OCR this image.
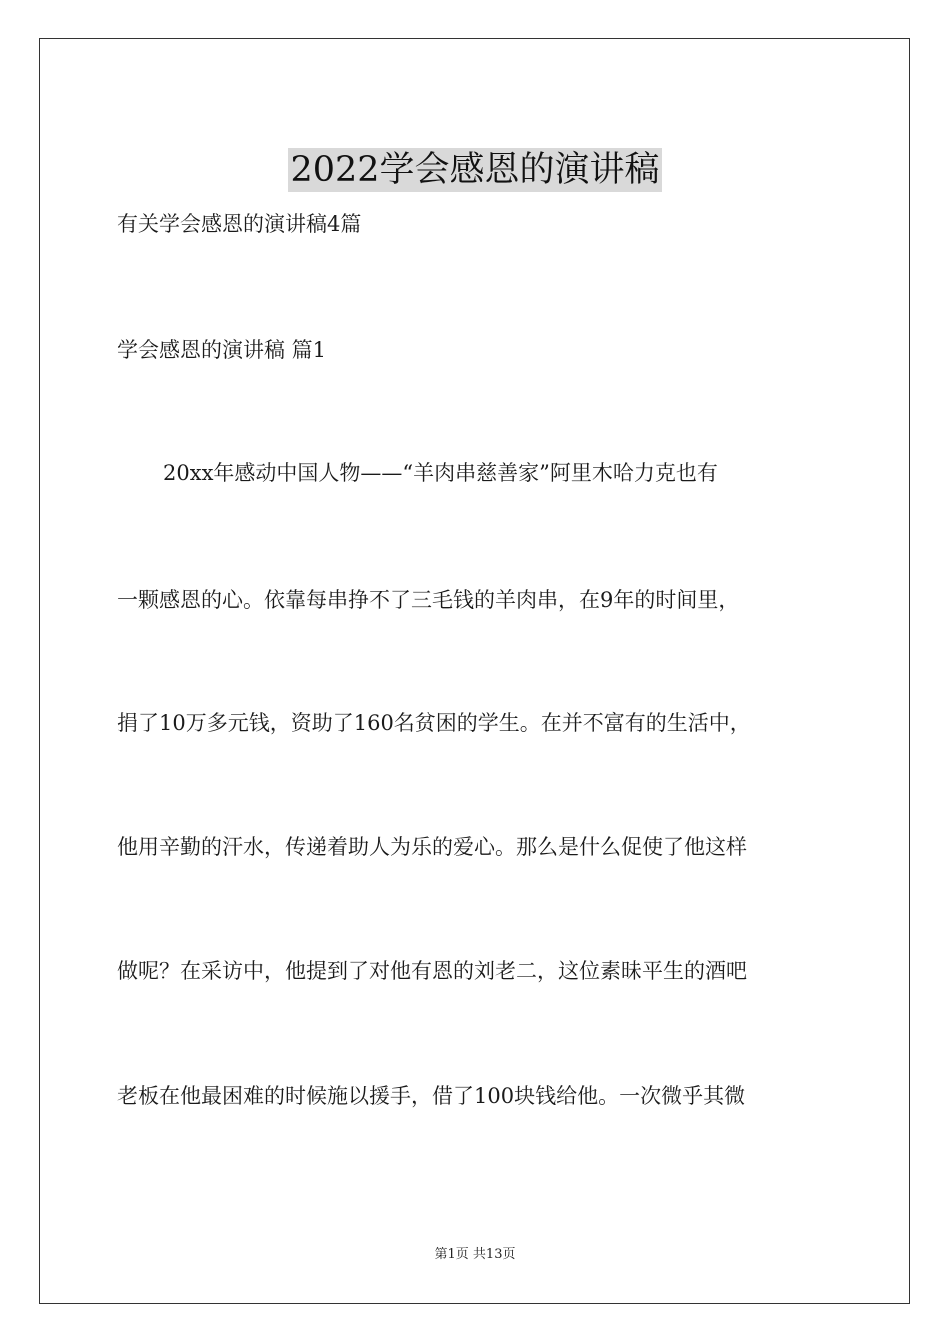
2022学会感恩的演讲稿
有关学会感恩的演讲稿4篇
学会感恩的演讲稿 篇1
20xx年感动中国人物——“羊肉串慈善家”阿里木哈力克也有
一颗感恩的心。依靠每串挣不了三毛钱的羊肉串，在9年的时间里，
捐了10万多元钱，资助了160名贫困的学生。在并不富有的生活中，
他用辛勤的汗水，传递着助人为乐的爱心。那么是什么促使了他这样
做呢？在采访中，他提到了对他有恩的刘老二，这位素昧平生的酒吧
老板在他最困难的时候施以援手，借了100块钱给他。一次微乎其微
第1页 共13页
